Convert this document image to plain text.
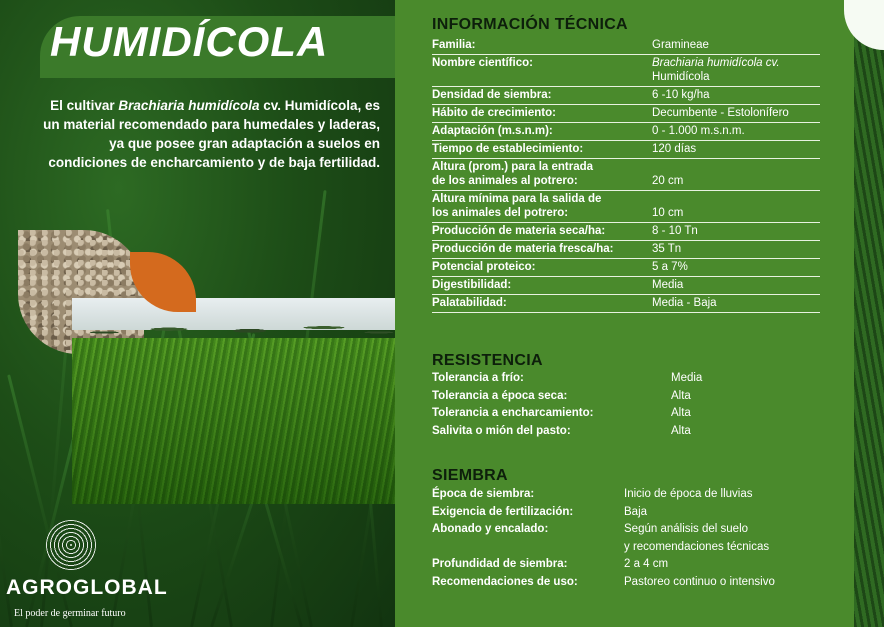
HUMIDÍCOLA
El cultivar Brachiaria humidícola cv. Humidícola, es un material recomendado para humedales y laderas, ya que posee gran adaptación a suelos en condiciones de encharcamiento y de baja fertilidad.
AGROGLOBAL
El poder de germinar futuro
INFORMACIÓN TÉCNICA
Familia:	Gramineae
Nombre científico:	Brachiaria humidícola cv.
Humidícola
Densidad de siembra:	6 -10 kg/ha
Hábito de crecimiento:	Decumbente - Estolonífero
Adaptación (m.s.n.m):	0 - 1.000 m.s.n.m.
Tiempo de establecimiento:	120 días
Altura (prom.) para la entrada
de los animales al potrero:	20 cm
Altura mínima para la salida de
los animales del potrero:	10 cm
Producción de materia seca/ha:	8 - 10 Tn
Producción de materia fresca/ha:	35 Tn
Potencial proteico:	5 a 7%
Digestibilidad:	Media
Palatabilidad:	Media - Baja
RESISTENCIA
Tolerancia a frío:	Media
Tolerancia a época seca:	Alta
Tolerancia a encharcamiento:	Alta
Salivita o mión del pasto:	Alta
SIEMBRA
Época de siembra:	Inicio de época de lluvias
Exigencia de fertilización:	Baja
Abonado y encalado:	Según análisis del suelo
y recomendaciones técnicas
Profundidad de siembra:	2 a 4 cm
Recomendaciones de uso:	Pastoreo continuo o intensivo
